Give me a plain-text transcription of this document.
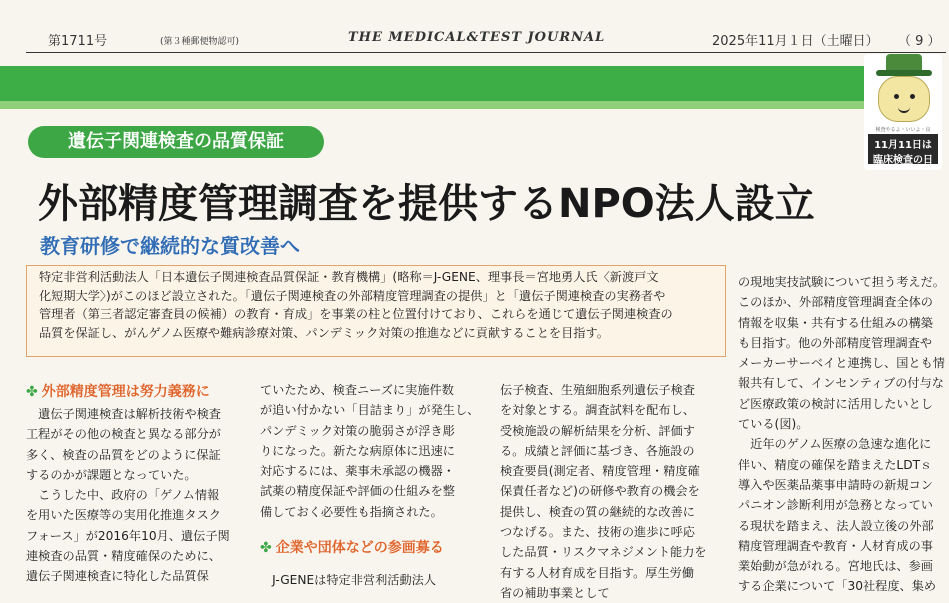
第1711号	(第３種郵便物認可)	THE MEDICAL&TEST JOURNAL	2025年11月１日（土曜日） （ 9 ）
検査やるよ・いいよ・良
11月11日は
臨床検査の日
遺伝子関連検査の品質保証
外部精度管理調査を提供するNPO法人設立
教育研修で継続的な質改善へ

特定非営利活動法人「日本遺伝子関連検査品質保証・教育機構」(略称＝J-GENE、理事長＝宮地勇人氏〈新渡戸文

化短期大学〉)がこのほど設立された。「遺伝子関連検査の外部精度管理調査の提供」と「遺伝子関連検査の実務者や

管理者（第三者認定審査員の候補）の教育・育成」を事業の柱と位置付けており、これらを通じて遺伝子関連検査の

品質を保証し、がんゲノム医療や難病診療対策、パンデミック対策の推進などに貢献することを目指す。

✤ 外部精度管理は努力義務に

　遺伝子関連検査は解析技術や検査

工程がその他の検査と異なる部分が

多く、検査の品質をどのように保証

するのかが課題となっていた。

　こうした中、政府の「ゲノム情報

を用いた医療等の実用化推進タスク

フォース」が2016年10月、遺伝子関

連検査の品質・精度確保のために、

遺伝子関連検査に特化した品質保

ていたため、検査ニーズに実施件数

が追い付かない「目詰まり」が発生し、

パンデミック対策の脆弱さが浮き彫

りになった。新たな病原体に迅速に

対応するには、薬事未承認の機器・

試薬の精度保証や評価の仕組みを整

備しておく必要性も指摘された。

✤ 企業や団体などの参画募る

　J-GENEは特定非営利活動法人

伝子検査、生殖細胞系列遺伝子検査

を対象とする。調査試料を配布し、

受検施設の解析結果を分析、評価す

る。成績と評価に基づき、各施設の

検査要員(測定者、精度管理・精度確

保責任者など)の研修や教育の機会を

提供し、検査の質の継続的な改善に

つなげる。また、技術の進歩に呼応

した品質・リスクマネジメント能力を

有する人材育成を目指す。厚生労働

省の補助事業として

の現地実技試験について担う考えだ。

このほか、外部精度管理調査全体の

情報を収集・共有する仕組みの構築

も目指す。他の外部精度管理調査や

メーカーサーベイと連携し、国とも情

報共有して、インセンティブの付与な

ど医療政策の検討に活用したいとし

ている(図)。

　近年のゲノム医療の急速な進化に

伴い、精度の確保を踏まえたLDTｓ

導入や医薬品薬事申請時の新規コン

パニオン診断利用が急務となってい

る現状を踏まえ、法人設立後の外部

精度管理調査や教育・人材育成の事

業始動が急がれる。宮地氏は、参画

する企業について「30社程度、集め
